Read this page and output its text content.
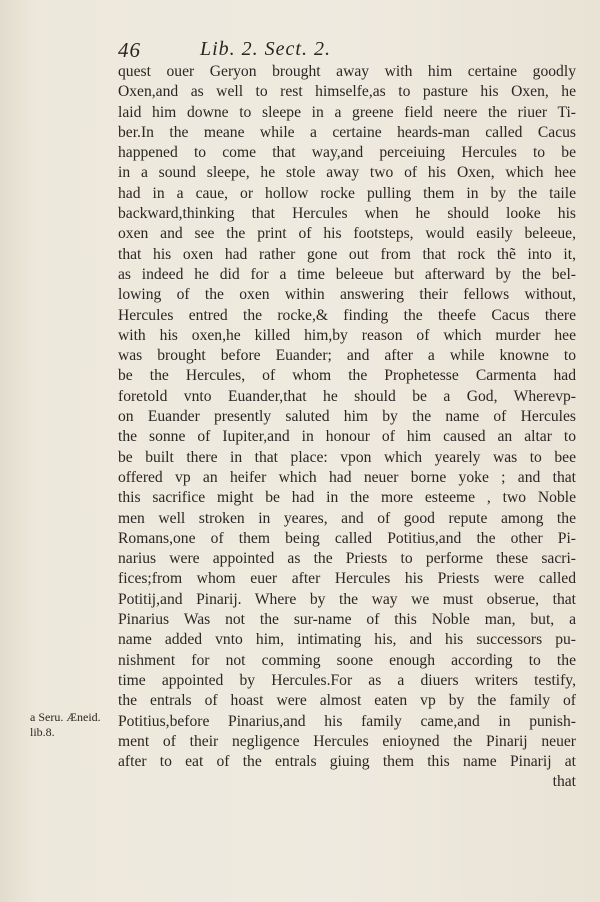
46	Lib. 2. Sect. 2.
quest ouer Geryon brought away with him certaine goodly
Oxen,and as well to rest himselfe,as to pasture his Oxen, he
laid him downe to sleepe in a greene field neere the riuer Ti-
ber.In the meane while a certaine heards-man called Cacus
happened to come that way,and perceiuing Hercules to be
in a sound sleepe, he stole away two of his Oxen, which hee
had in a caue, or hollow rocke pulling them in by the taile
backward,thinking that Hercules when he should looke his
oxen and see the print of his footsteps, would easily beleeue,
that his oxen had rather gone out from that rock thẽ into it,
as indeed he did for a time beleeue but afterward by the bel-
lowing of the oxen within answering their fellows without,
Hercules entred the rocke,& finding the theefe Cacus there
with his oxen,he killed him,by reason of which murder hee
was brought before Euander; and after a while knowne to
be the Hercules, of whom the Prophetesse Carmenta had
foretold vnto Euander,that he should be a God, Wherevp-
on Euander presently saluted him by the name of Hercules
the sonne of Iupiter,and in honour of him caused an altar to
be built there in that place: vpon which yearely was to bee
offered vp an heifer which had neuer borne yoke ; and that
this sacrifice might be had in the more esteeme , two Noble
men well stroken in yeares, and of good repute among the
Romans,one of them being called Potitius,and the other Pi-
narius were appointed as the Priests to performe these sacri-
fices;from whom euer after Hercules his Priests were called
Potitij,and Pinarij. Where by the way we must obserue, that
Pinarius Was not the sur-name of this Noble man, but, a
name added vnto him, intimating his, and his successors pu-
nishment for not comming soone enough according to the
time appointed by Hercules.For as a diuers writers testify,
the entrals of hoast were almost eaten vp by the family of
Potitius,before Pinarius,and his family came,and in punish-
ment of their negligence Hercules enioyned the Pinarij neuer
after to eat of the entrals giuing them this name Pinarij at
that
a Seru. Æneid.
lib.8.
